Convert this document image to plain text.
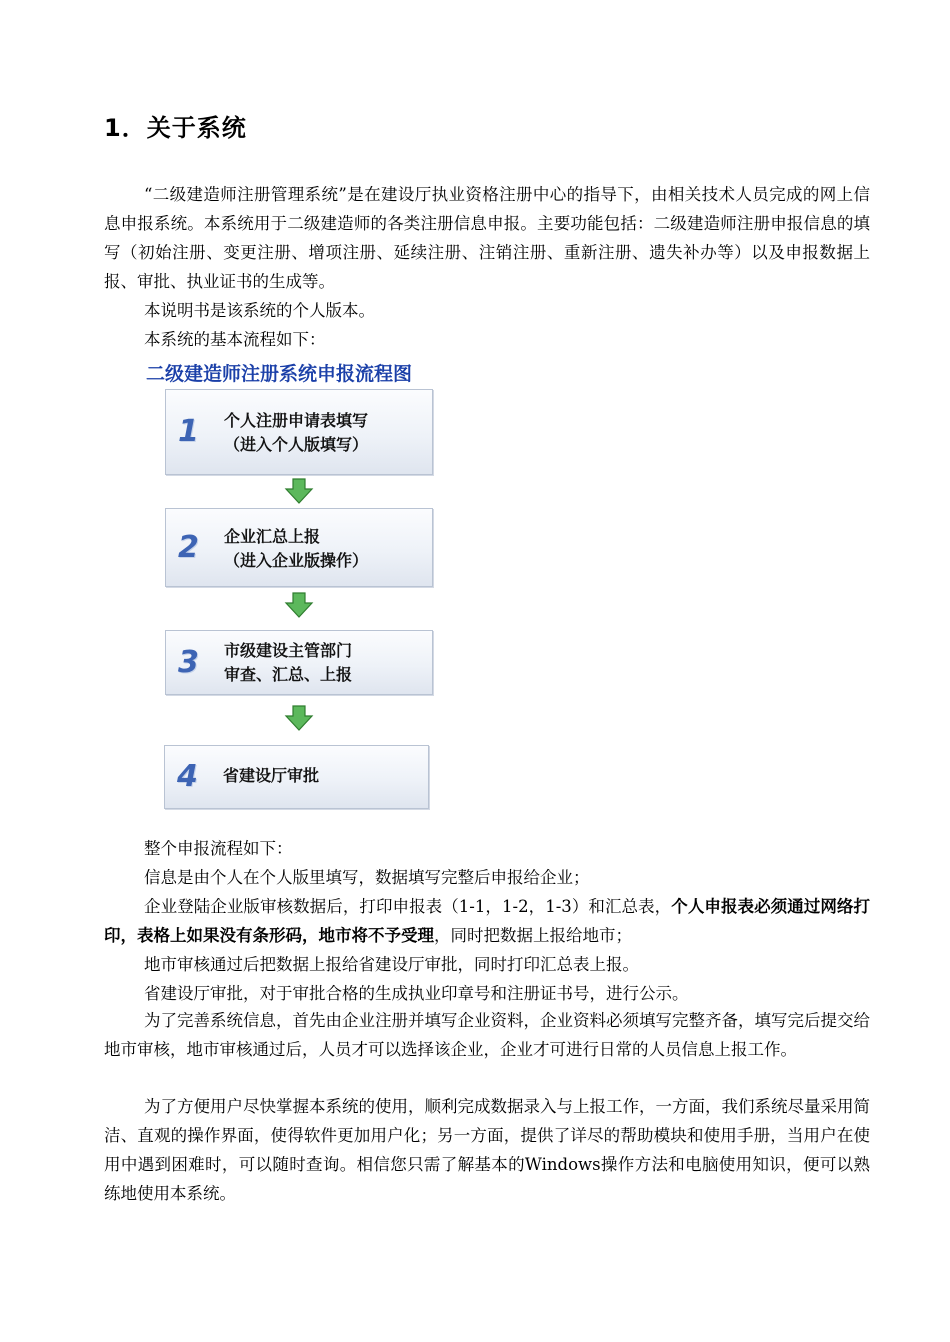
1．关于系统

“二级建造师注册管理系统”是在建设厅执业资格注册中心的指导下，由相关技术人员完成的网上信息申报系统。本系统用于二级建造师的各类注册信息申报。主要功能包括：二级建造师注册申报信息的填写（初始注册、变更注册、增项注册、延续注册、注销注册、重新注册、遗失补办等）以及申报数据上报、审批、执业证书的生成等。

本说明书是该系统的个人版本。

本系统的基本流程如下：

二级建造师注册系统申报流程图
1 个人注册申请表填写
（进入个人版填写）
2 企业汇总上报
（进入企业版操作）
3 市级建设主管部门
审查、汇总、上报
4 省建设厅审批

整个申报流程如下：

信息是由个人在个人版里填写，数据填写完整后申报给企业；

企业登陆企业版审核数据后，打印申报表（1-1，1-2，1-3）和汇总表，个人申报表必须通过网络打印，表格上如果没有条形码，地市将不予受理，同时把数据上报给地市；

地市审核通过后把数据上报给省建设厅审批，同时打印汇总表上报。

省建设厅审批，对于审批合格的生成执业印章号和注册证书号，进行公示。

为了完善系统信息，首先由企业注册并填写企业资料，企业资料必须填写完整齐备，填写完后提交给地市审核，地市审核通过后，人员才可以选择该企业，企业才可进行日常的人员信息上报工作。

为了方便用户尽快掌握本系统的使用，顺利完成数据录入与上报工作，一方面，我们系统尽量采用简洁、直观的操作界面，使得软件更加用户化；另一方面，提供了详尽的帮助模块和使用手册，当用户在使用中遇到困难时，可以随时查询。相信您只需了解基本的Windows操作方法和电脑使用知识，便可以熟练地使用本系统。
